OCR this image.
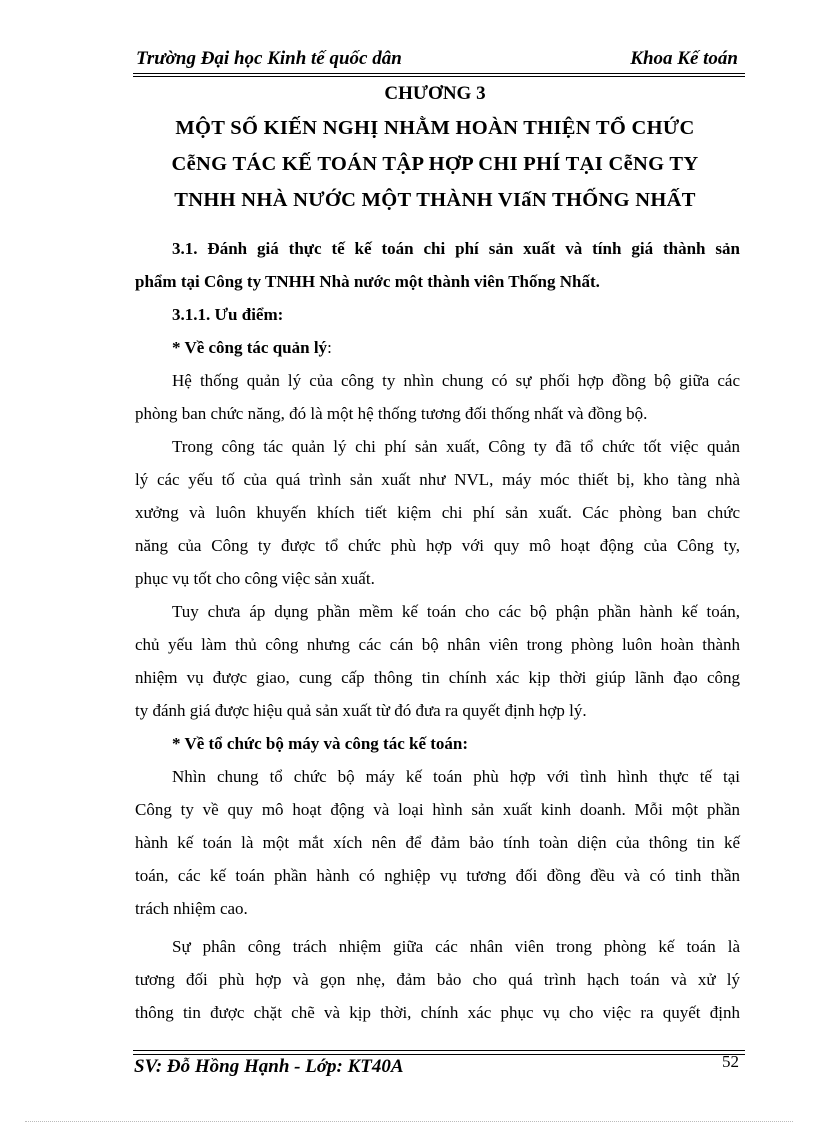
Trường Đại học Kinh tế quốc dân	Khoa Kế toán
CHƯƠNG 3
MỘT SỐ KIẾN NGHỊ NHẰM HOÀN THIỆN TỔ CHỨC
CễNG TÁC KẾ TOÁN TẬP HỢP CHI PHÍ TẠI CễNG TY
TNHH NHÀ NƯỚC MỘT THÀNH VIấN THỐNG NHẤT
3.1. Đánh giá thực tế kế toán chi phí sản xuất và tính giá thành sản
phẩm tại Công ty TNHH Nhà nước một thành viên Thống Nhất.
3.1.1. Ưu điểm:
* Về công tác quản lý:
Hệ thống quản lý của công ty nhìn chung có sự phối hợp đồng bộ giữa các
phòng ban chức năng, đó là một hệ thống tương đối thống nhất và đồng bộ.
Trong công tác quản lý chi phí sản xuất, Công ty đã tổ chức tốt việc quản
lý các yếu tố của quá trình sản xuất như NVL, máy móc thiết bị, kho tàng nhà
xưởng và luôn khuyến khích tiết kiệm chi phí sản xuất. Các phòng ban chức
năng của Công ty được tổ chức phù hợp với quy mô hoạt động của Công ty,
phục vụ tốt cho công việc sản xuất.
Tuy chưa áp dụng phần mềm kế toán cho các bộ phận phần hành kế toán,
chủ yếu làm thủ công nhưng các cán bộ nhân viên trong phòng luôn hoàn thành
nhiệm vụ được giao, cung cấp thông tin chính xác kịp thời giúp lãnh đạo công
ty đánh giá được hiệu quả sản xuất từ đó đưa ra quyết định hợp lý.
* Về tổ chức bộ máy và công tác kế toán:
Nhìn chung tổ chức bộ máy kế toán phù hợp với tình hình thực tế tại
Công ty về quy mô hoạt động và loại hình sản xuất kinh doanh. Mỗi một phần
hành kế toán là một mắt xích nên để đảm bảo tính toàn diện của thông tin kế
toán, các kế toán phần hành có nghiệp vụ tương đối đồng đều và có tinh thần
trách nhiệm cao.
Sự phân công trách nhiệm giữa các nhân viên trong phòng kế toán là
tương đối phù hợp và gọn nhẹ, đảm bảo cho quá trình hạch toán và xử lý
thông tin được chặt chẽ và kịp thời, chính xác phục vụ cho việc ra quyết định
SV: Đỗ Hồng Hạnh - Lớp: KT40A	52
